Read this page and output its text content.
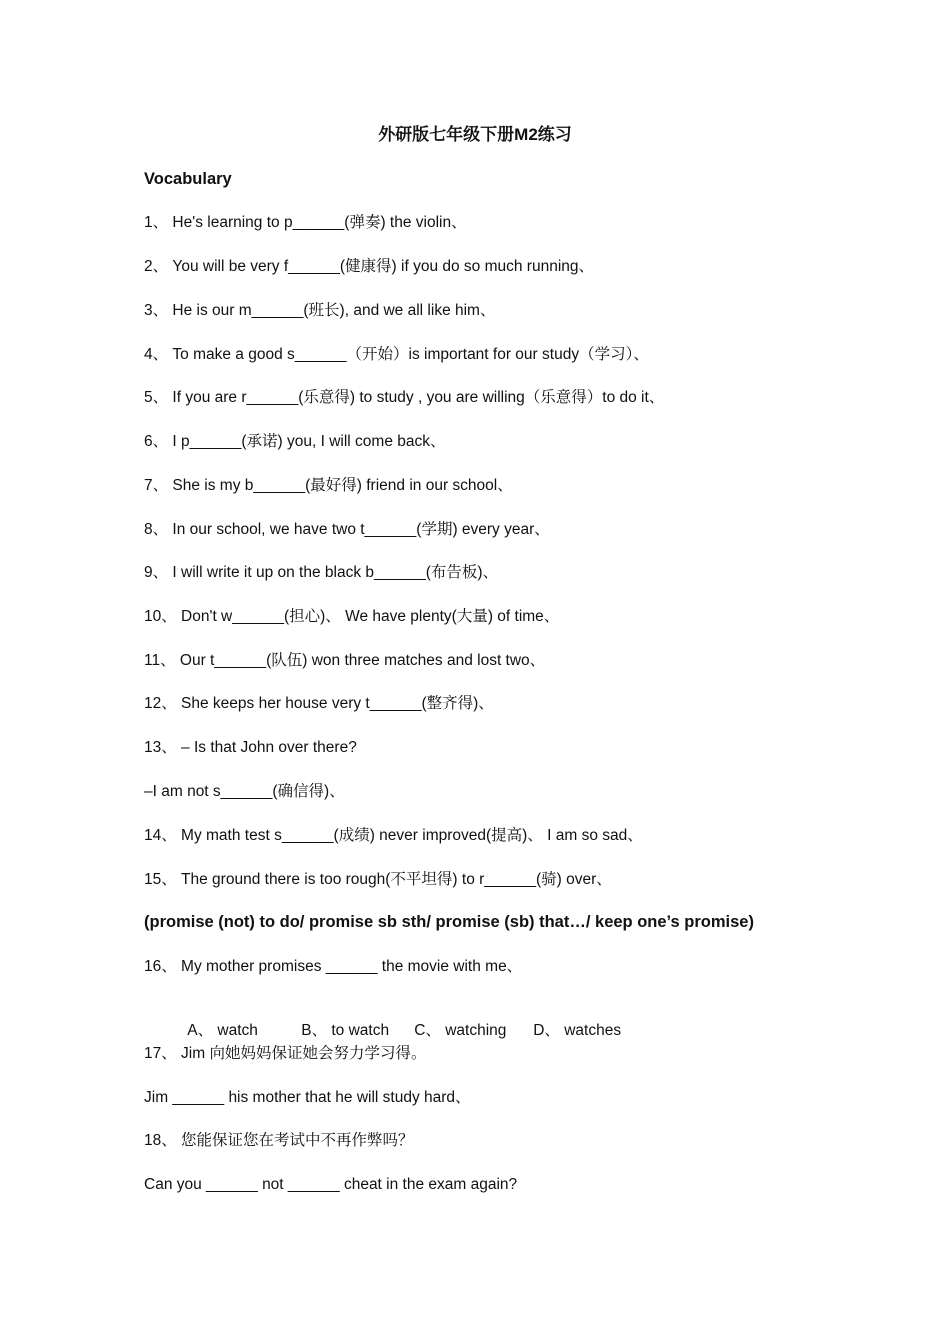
外研版七年级下册M2练习
Vocabulary
1、 He's learning to p______(弹奏) the violin、
2、 You will be very f______(健康得) if you do so much running、
3、 He is our m______(班长), and we all like him、
4、 To make a good s______（开始）is important for our study（学习）、
5、 If you are r______(乐意得) to study , you are willing（乐意得）to do it、
6、 I p______(承诺) you, I will come back、
7、 She is my b______(最好得) friend in our school、
8、 In our school, we have two t______(学期) every year、
9、 I will write it up on the black b______(布告板)、
10、 Don't w______(担心)、 We have plenty(大量) of time、
11、 Our t______(队伍) won three matches and lost two、
12、 She keeps her house very t______(整齐得)、
13、 – Is that John over there?
–I am not s______(确信得)、
14、 My math test s______(成绩) never improved(提高)、 I am so sad、
15、 The ground there is too rough(不平坦得) to r______(骑) over、
(promise (not) to do/ promise sb sth/ promise (sb) that…/ keep one’s promise)
16、 My mother promises ______ the movie with me、

A、 watch	B、 to watch C、 watching D、 watches

17、 Jim 向她妈妈保证她会努力学习得。
Jim ______ his mother that he will study hard、
18、 您能保证您在考试中不再作弊吗？
Can you ______ not ______ cheat in the exam again?
